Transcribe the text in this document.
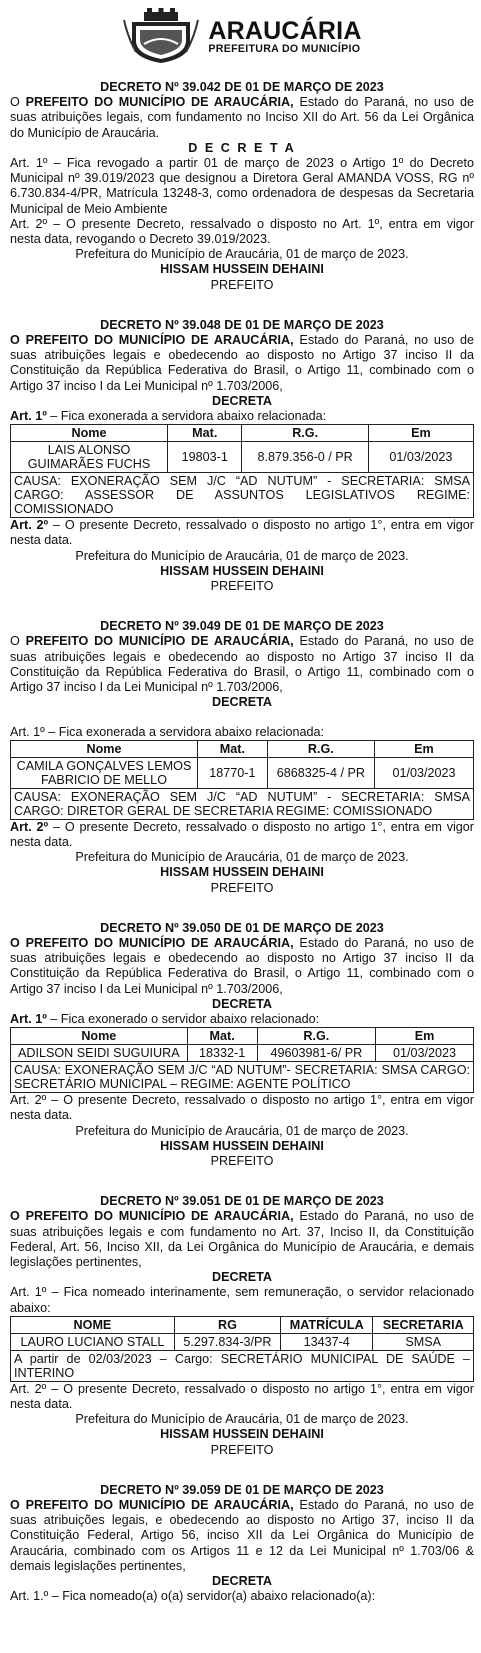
ARAUCÁRIA
PREFEITURA DO MUNICÍPIO
DECRETO Nº 39.042 DE 01 DE MARÇO DE 2023

O PREFEITO DO MUNICÍPIO DE ARAUCÁRIA, Estado do Paraná, no uso de suas atribuições legais, com fundamento no Inciso XII do Art. 56 da Lei Orgânica do Município de Araucária.

D E C R E T A

Art. 1º – Fica revogado a partir 01 de março de 2023 o Artigo 1º do Decreto Municipal nº 39.019/2023 que designou a Diretora Geral AMANDA VOSS, RG nº 6.730.834-4/PR, Matrícula 13248-3, como ordenadora de despesas da Secretaria Municipal de Meio Ambiente

Art. 2º – O presente Decreto, ressalvado o disposto no Art. 1º, entra em vigor nesta data, revogando o Decreto 39.019/2023.

Prefeitura do Município de Araucária, 01 de março de 2023.
HISSAM HUSSEIN DEHAINI
PREFEITO
DECRETO Nº 39.048 DE 01 DE MARÇO DE 2023

O PREFEITO DO MUNICÍPIO DE ARAUCÁRIA, Estado do Paraná, no uso de suas atribuições legais e obedecendo ao disposto no Artigo 37 inciso II da Constituição da República Federativa do Brasil, o Artigo 11, combinado com o Artigo 37 inciso I da Lei Municipal nº 1.703/2006,

DECRETA

Art. 1º – Fica exonerada a servidora abaixo relacionada:

Nome	Mat.	R.G.	Em
LAIS ALONSO GUIMARÃES FUCHS	19803-1	8.879.356-0 / PR	01/03/2023
CAUSA: EXONERAÇÃO SEM J/C “AD NUTUM” - SECRETARIA: SMSA CARGO: ASSESSOR DE ASSUNTOS LEGISLATIVOS REGIME: COMISSIONADO			

Art. 2º – O presente Decreto, ressalvado o disposto no artigo 1°, entra em vigor nesta data.

Prefeitura do Município de Araucária, 01 de março de 2023.
HISSAM HUSSEIN DEHAINI
PREFEITO
DECRETO Nº 39.049 DE 01 DE MARÇO DE 2023

O PREFEITO DO MUNICÍPIO DE ARAUCÁRIA, Estado do Paraná, no uso de suas atribuições legais e obedecendo ao disposto no Artigo 37 inciso II da Constituição da República Federativa do Brasil, o Artigo 11, combinado com o Artigo 37 inciso I da Lei Municipal nº 1.703/2006,

DECRETA

Art. 1º – Fica exonerada a servidora abaixo relacionada:

Nome	Mat.	R.G.	Em
CAMILA GONÇALVES LEMOS FABRICIO DE MELLO	18770-1	6868325-4 / PR	01/03/2023
CAUSA: EXONERAÇÃO SEM J/C “AD NUTUM” - SECRETARIA: SMSA CARGO: DIRETOR GERAL DE SECRETARIA REGIME: COMISSIONADO			

Art. 2º – O presente Decreto, ressalvado o disposto no artigo 1°, entra em vigor nesta data.

Prefeitura do Município de Araucária, 01 de março de 2023.
HISSAM HUSSEIN DEHAINI
PREFEITO
DECRETO Nº 39.050 DE 01 DE MARÇO DE 2023

O PREFEITO DO MUNICÍPIO DE ARAUCÁRIA, Estado do Paraná, no uso de suas atribuições legais e obedecendo ao disposto no Artigo 37 inciso II da Constituição da República Federativa do Brasil, o Artigo 11, combinado com o Artigo 37 inciso I da Lei Municipal nº 1.703/2006,

DECRETA

Art. 1º – Fica exonerado o servidor abaixo relacionado:

Nome	Mat.	R.G.	Em
ADILSON SEIDI SUGUIURA	18332-1	49603981-6/ PR	01/03/2023
CAUSA: EXONERAÇÃO SEM J/C “AD NUTUM”- SECRETARIA: SMSA CARGO: SECRETÁRIO MUNICIPAL – REGIME: AGENTE POLÍTICO			

Art. 2º – O presente Decreto, ressalvado o disposto no artigo 1°, entra em vigor nesta data.

Prefeitura do Município de Araucária, 01 de março de 2023.
HISSAM HUSSEIN DEHAINI
PREFEITO
DECRETO Nº 39.051 DE 01 DE MARÇO DE 2023

O PREFEITO DO MUNICÍPIO DE ARAUCÁRIA, Estado do Paraná, no uso de suas atribuições legais e com fundamento no Art. 37, Inciso II, da Constituição Federal, Art. 56, Inciso XII, da Lei Orgânica do Município de Araucária, e demais legislações pertinentes,

DECRETA

Art. 1º – Fica nomeado interinamente, sem remuneração, o servidor relacionado abaixo:

NOME	RG	MATRÍCULA	SECRETARIA
LAURO LUCIANO STALL	5.297.834-3/PR	13437-4	SMSA
A partir de 02/03/2023 – Cargo: SECRETÁRIO MUNICIPAL DE SAÚDE – INTERINO			

Art. 2º – O presente Decreto, ressalvado o disposto no artigo 1°, entra em vigor nesta data.

Prefeitura do Município de Araucária, 01 de março de 2023.
HISSAM HUSSEIN DEHAINI
PREFEITO
DECRETO Nº 39.059 DE 01 DE MARÇO DE 2023

O PREFEITO DO MUNICÍPIO DE ARAUCÁRIA, Estado do Paraná, no uso de suas atribuições legais, e obedecendo ao disposto no Artigo 37, inciso II da Constituição Federal, Artigo 56, inciso XII da Lei Orgânica do Município de Araucária, combinado com os Artigos 11 e 12 da Lei Municipal nº 1.703/06 & demais legislações pertinentes,

DECRETA

Art. 1.º – Fica nomeado(a) o(a) servidor(a) abaixo relacionado(a):
